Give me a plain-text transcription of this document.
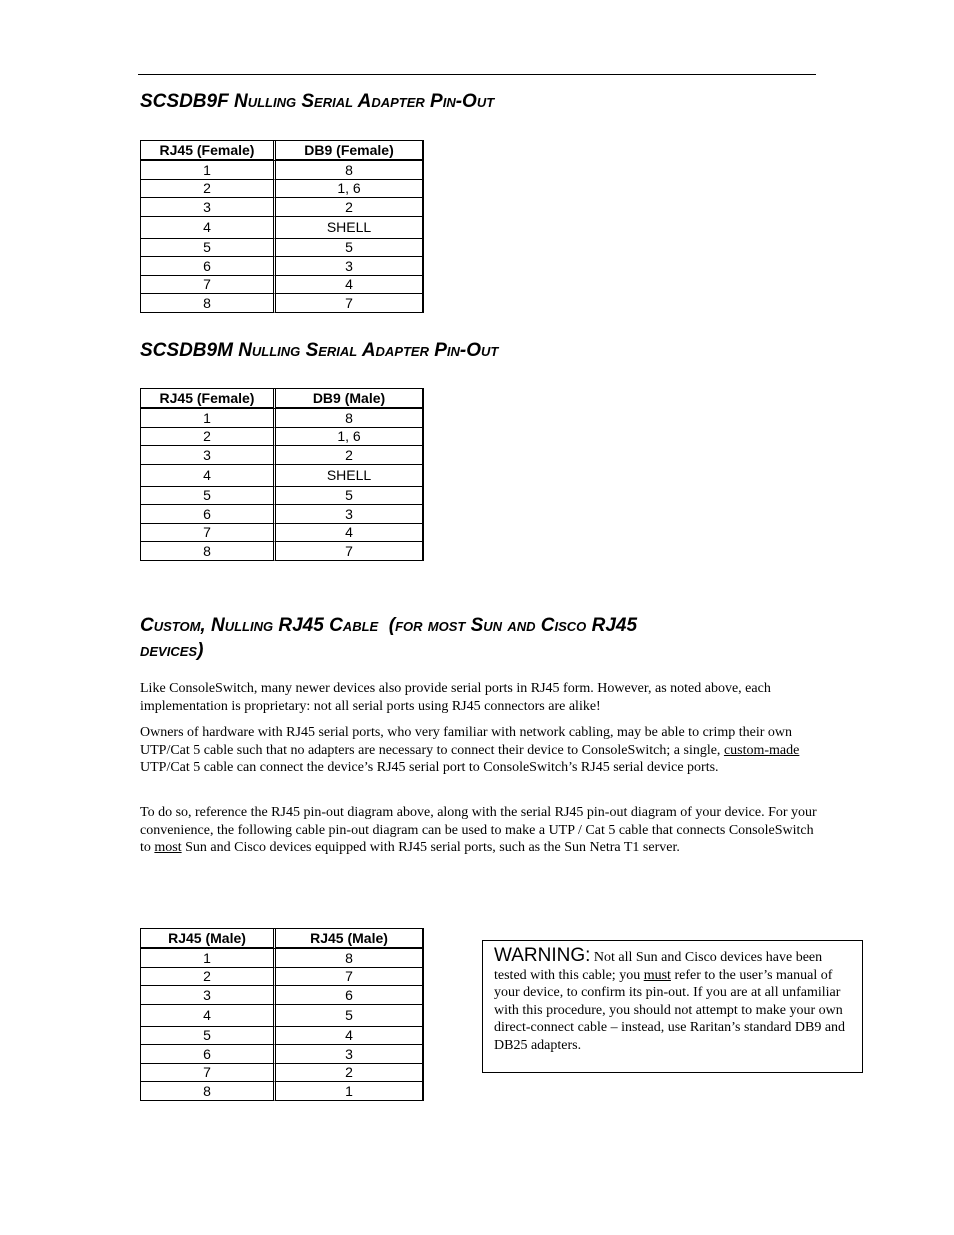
SCSDB9F Nulling Serial Adapter Pin-Out
RJ45 (Female)	DB9 (Female)
1	8
2	1, 6
3	2
4	SHELL
5	5
6	3
7	4
8	7
SCSDB9M Nulling Serial Adapter Pin-Out
RJ45 (Female)	DB9 (Male)
1	8
2	1, 6
3	2
4	SHELL
5	5
6	3
7	4
8	7
Custom, Nulling RJ45 Cable  (for most Sun and Cisco RJ45
devices)

Like ConsoleSwitch, many newer devices also provide serial ports in RJ45 form. However, as noted above, each implementation is proprietary: not all serial ports using RJ45 connectors are alike!

Owners of hardware with RJ45 serial ports, who very familiar with network cabling, may be able to crimp their own UTP/Cat 5 cable such that no adapters are necessary to connect their device to ConsoleSwitch; a single, custom-made UTP/Cat 5 cable can connect the device’s RJ45 serial port to ConsoleSwitch’s RJ45 serial device ports.

To do so, reference the RJ45 pin-out diagram above, along with the serial RJ45 pin-out diagram of your device. For your convenience, the following cable pin-out diagram can be used to make a UTP / Cat 5 cable that connects ConsoleSwitch to most Sun and Cisco devices equipped with RJ45 serial ports, such as the Sun Netra T1 server.

RJ45 (Male)	RJ45 (Male)
1	8
2	7
3	6
4	5
5	4
6	3
7	2
8	1
WARNING: Not all Sun and Cisco devices have been tested with this cable; you must refer to the user’s manual of your device, to confirm its pin-out. If you are at all unfamiliar with this procedure, you should not attempt to make your own direct-connect cable – instead, use Raritan’s standard DB9 and DB25 adapters.
